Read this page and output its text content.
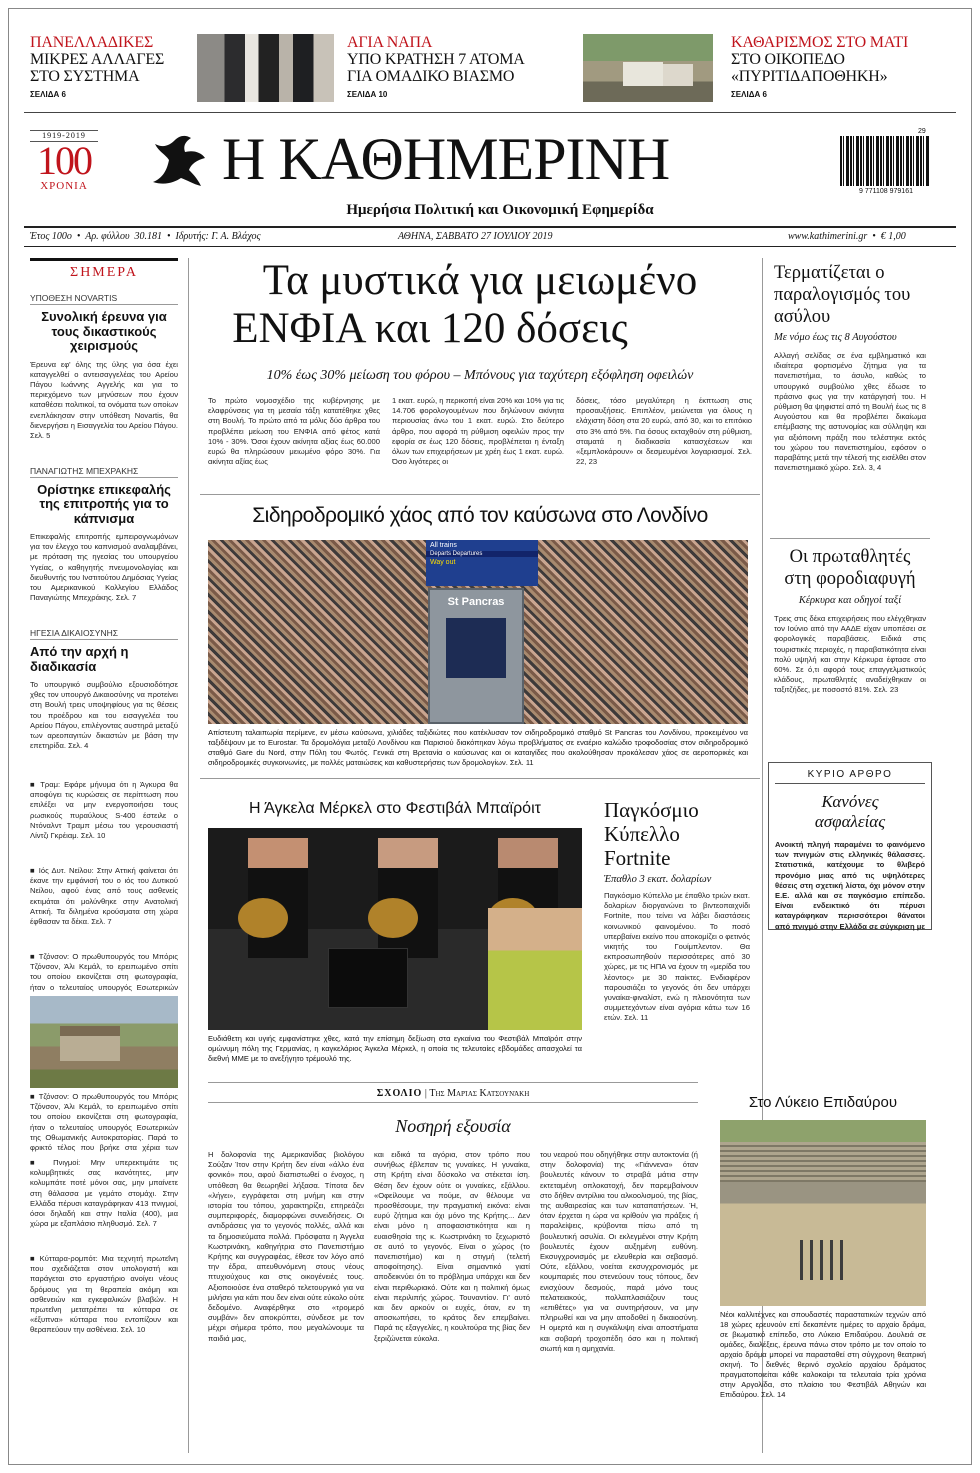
ΠΑΝΕΛΛΑΔΙΚΕΣ
ΜΙΚΡΕΣ ΑΛΛΑΓΕΣ
ΣΤΟ ΣΥΣΤΗΜΑ
ΣΕΛΙΔΑ 6
ΑΓΙΑ ΝΑΠΑ
ΥΠΟ ΚΡΑΤΗΣΗ 7 ΑΤΟΜΑ
ΓΙΑ ΟΜΑΔΙΚΟ ΒΙΑΣΜΟ
ΣΕΛΙΔΑ 10
ΚΑΘΑΡΙΣΜΟΣ ΣΤΟ ΜΑΤΙ
ΣΤΟ ΟΙΚΟΠΕΔΟ
«ΠΥΡΙΤΙΔΑΠΟΘΗΚΗ»
ΣΕΛΙΔΑ 6
1919-2019
100
ΧΡΟΝΙΑ Η ΚΑΘΗΜΕΡΙΝΗ
Ημερήσια Πολιτική και Οικονομική Εφημερίδα
9 771108 979161
29
Έτος 100ο  •  Αρ. φύλλου  30.181  •  Ιδρυτής: Γ. Α. Βλάχος	ΑΘΗΝΑ, ΣΑΒΒΑΤΟ 27 ΙΟΥΛΙΟΥ 2019	www.kathimerini.gr  •  € 1,00
ΣΗΜΕΡΑ
ΥΠΟΘΕΣΗ NOVARTIS
Συνολική έρευνα για τους δικαστικούς χειρισμούς
Έρευνα εφ' όλης της ύλης για όσα έχει καταγγελθεί ο αντεισαγγελέας του Αρείου Πάγου Ιωάννης Αγγελής και για το περιεχόμενο των μηνύσεων που έχουν καταθέσει πολιτικοί, τα ονόματα των οποίων ενεπλάκησαν στην υπόθεση Novartis, θα διενεργήσει η Εισαγγελία του Αρείου Πάγου. Σελ. 5
ΠΑΝΑΓΙΩΤΗΣ ΜΠΕΧΡΑΚΗΣ
Ορίστηκε επικεφαλής της επιτροπής για το κάπνισμα
Επικεφαλής επιτροπής εμπειρογνωμόνων για τον έλεγχο του καπνισμού αναλαμβάνει, με πρόταση της ηγεσίας του υπουργείου Υγείας, ο καθηγητής πνευμονολογίας και διευθυντής του Ινστιτούτου Δημόσιας Υγείας του Αμερικανικού Κολλεγίου Ελλάδος Παναγιώτης Μπεχράκης. Σελ. 7
ΗΓΕΣΙΑ ΔΙΚΑΙΟΣΥΝΗΣ
Από την αρχή η διαδικασία
Το υπουργικό συμβούλιο εξουσιοδότησε χθες τον υπουργό Δικαιοσύνης να προτείνει στη Βουλή τρεις υποψηφίους για τις θέσεις του προέδρου και του εισαγγελέα του Αρείου Πάγου, επιλέγοντας αυστηρά μεταξύ των αρεοπαγιτών δικαστών με βάση την επετηρίδα. Σελ. 4
■ Τραμ: Εφάρε μήνυμα ότι η Άγκυρα θα αποφύγει τις κυρώσεις σε περίπτωση που επιλέξει να μην ενεργοποιήσει τους ρωσικούς πυραύλους S-400 έστειλε ο Ντόναλντ Τραμπ μέσω του γερουσιαστή Λίντζι Γκρέιαμ. Σελ. 10
■ Ιός Δυτ. Νείλου: Στην Αττική φαίνεται ότι έκανε την εμφάνισή του ο ιός του Δυτικού Νείλου, αφού ένας από τους ασθενείς εκτιμάται ότι μολύνθηκε στην Ανατολική Αττική. Τα διλημένα κρούσματα στη χώρα έφθασαν τα δέκα. Σελ. 7
■ Τζόνσον: Ο πρωθυπουργός του Μπόρις Τζόνσον, Άλι Κεμάλ, το ερειπωμένο σπίτι του οποίου εικονίζεται στη φωτογραφία, ήταν ο τελευταίος υπουργός Εσωτερικών
■ Τζόνσον: Ο πρωθυπουργός του Μπόρις Τζόνσον, Άλι Κεμάλ, το ερειπωμένο σπίτι του οποίου εικονίζεται στη φωτογραφία, ήταν ο τελευταίος υπουργός Εσωτερικών της Οθωμανικής Αυτοκρατορίας. Παρά το φρικτό τέλος που βρήκε στα χέρια των
■ Πνιγμοί: Μην υπερεκτιμάτε τις κολυμβητικές σας ικανότητες, μην κολυμπάτε ποτέ μόνοι σας, μην μπαίνετε στη θάλασσα με γεμάτο στομάχι. Στην Ελλάδα πέρυσι καταγράφηκαν 413 πνιγμοί, όσοι δηλαδή και στην Ιταλία (400), μια χώρα με εξαπλάσιο πληθυσμό. Σελ. 7
■ Κύτταρα-ρομπότ: Μια τεχνητή πρωτεΐνη που σχεδιάζεται στον υπολογιστή και παράγεται στο εργαστήριο ανοίγει νέους δρόμους για τη θεραπεία ακόμη και ασθενειών και εγκεφαλικών βλαβών. Η πρωτεΐνη μετατρέπει τα κύτταρα σε «έξυπνα» κύτταρα που εντοπίζουν και θεραπεύουν την ασθένεια. Σελ. 10
Τα μυστικά για μειωμένο
ΕΝΦΙΑ και 120 δόσεις
10% έως 30% μείωση του φόρου – Μπόνους για ταχύτερη εξόφληση οφειλών
Το πρώτο νομοσχέδιο της κυβέρνησης με ελαφρύνσεις για τη μεσαία τάξη κατατέθηκε χθες στη Βουλή. Το πρώτο από τα μόλις δύο άρθρα του προβλέπει μείωση του ΕΝΦΙΑ από φέτος κατά 10% - 30%. Όσοι έχουν ακίνητα αξίας έως 60.000 ευρώ θα πληρώσουν μειωμένο φόρο 30%. Για ακίνητα αξίας έως
1 εκατ. ευρώ, η περικοπή είναι 20% και 10% για τις 14.706 φορολογουμένων που δηλώνουν ακίνητα περιουσίας άνω του 1 εκατ. ευρώ. Στο δεύτερο άρθρο, που αφορά τη ρύθμιση οφειλών προς την εφορία σε έως 120 δόσεις, προβλέπεται η ένταξη όλων των επιχειρήσεων με χρέη έως 1 εκατ. ευρώ. Όσο λιγότερες οι
δόσεις, τόσο μεγαλύτερη η έκπτωση στις προσαυξήσεις. Επιπλέον, μειώνεται για όλους η ελάχιστη δόση στα 20 ευρώ, από 30, και το επιτόκιο στο 3% από 5%. Για όσους εκταχθούν στη ρύθμιση, σταματά η διαδικασία κατασχέσεων και «ξεμπλοκάρουν» οι δεσμευμένοι λογαριασμοί. Σελ. 22, 23
Σιδηροδρομικό χάος από τον καύσωνα στο Λονδίνο
All trains
Departs Departures
Way out
St Pancras
EPA / ANDY RAIN
Απίστευτη ταλαιπωρία περίμενε, εν μέσω καύσωνα, χιλιάδες ταξιδιώτες που κατέκλυσαν τον σιδηροδρομικό σταθμό St Pancras του Λονδίνου, προκειμένου να ταξιδέψουν με το Eurostar. Τα δρομολόγια μεταξύ Λονδίνου και Παρισιού διακόπηκαν λόγω προβλήματος σε εναέριο καλώδιο τροφοδοσίας στον σιδηροδρομικό σταθμό Gare du Nord, στην Πόλη του Φωτός. Γενικά στη Βρετανία ο καύσωνας και οι καταιγίδες που ακολούθησαν προκάλεσαν χάος σε αεροπορικές και σιδηροδρομικές συγκοινωνίες, με πολλές ματαιώσεις και καθυστερήσεις των δρομολογίων. Σελ. 11
Η Άγκελα Μέρκελ στο Φεστιβάλ Μπαϊρόιτ
Ευδιάθετη και υγιής εμφανίστηκε χθες, κατά την επίσημη δεξίωση στα εγκαίνια του Φεστιβάλ Μπαϊρόιτ στην ομώνυμη πόλη της Γερμανίας, η καγκελάριος Άγκελα Μέρκελ, η οποία τις τελευταίες εβδομάδες απασχολεί τα διεθνή ΜΜΕ με το ανεξήγητο τρέμουλό της.
Παγκόσμιο
Κύπελλο
Fortnite
Έπαθλο 3 εκατ. δολαρίων
Παγκόσμιο Κύπελλο με έπαθλο τριών εκατ. δολαρίων διοργανώνει το βιντεοπαιχνίδι Fortnite, που τείνει να λάβει διαστάσεις κοινωνικού φαινομένου. Το ποσό υπερβαίνει εκείνο που αποκομίζει ο φετινός νικητής του Γουίμπλεντον. Θα εκπροσωπηθούν περισσότερες από 30 χώρες, με τις ΗΠΑ να έχουν τη «μερίδα του λέοντος» με 30 παίκτες. Ενδιαφέρον παρουσιάζει το γεγονός ότι δεν υπάρχει γυναίκα-φιναλίστ, ενώ η πλειονότητα των συμμετεχόντων είναι αγόρια κάτω των 16 ετών. Σελ. 11
ΣΧΟΛΙΟ | Της Μαρίας Κατσουνάκη
Νοσηρή εξουσία
Η δολοφονία της Αμερικανίδας βιολόγου Σούζαν Ίτον στην Κρήτη δεν είναι «άλλο ένα φονικό» που, αφού διαπιστωθεί ο ένοχος, η υπόθεση θα θεωρηθεί λήξασα. Τίποτα δεν «λήγει», εγγράφεται στη μνήμη και στην ιστορία του τόπου, χαρακτηρίζει, επηρεάζει συμπεριφορές, διαμορφώνει συνειδήσεις. Οι αντιδράσεις για το γεγονός πολλές, αλλά και τα δημοσιεύματα πολλά. Πρόσφατα η Άγγελα Κωστρινάκη, καθηγήτρια στο Πανεπιστήμιο Κρήτης και συγγραφέας, έθεσε τον λόγο από την έδρα, απευθυνόμενη στους νέους πτυχιούχους και στις οικογένειές τους. Αξιοποιούσε ένα σταθερό τελετουργικό για να μιλήσει για κάτι που δεν είναι ούτε εύκολο ούτε δεδομένο. Αναφέρθηκε στο «τρομερό συμβάν» δεν αποκρύπτει, σύνδεσε με τον μέχρι σήμερα τρόπο, που μεγαλώνουμε τα παιδιά μας,
και ειδικά τα αγόρια, στον τρόπο που συνήθως έβλεπαν τις γυναίκες. Η γυναίκα, στη Κρήτη είναι δύσκολο να στέκεται ίση. Θέση δεν έχουν ούτε οι γυναίκες, εξάλλου. «Οφείλουμε να πούμε, αν θέλουμε να προσθέσουμε, την πραγματική εικόνα: είναι ευρύ ζήτημα και όχι μόνο της Κρήτης... Δεν είναι μόνο η αποφασιστικότητα και η ευαισθησία της κ. Κωστρινάκη το ξεχωριστό σε αυτό το γεγονός. Είναι ο χώρος (το πανεπιστήμιο) και η στιγμή (τελετή αποφοίτησης). Είναι σημαντικό γιατί αποδεικνύει ότι το πρόβλημα υπάρχει και δεν είναι περιθωριακό. Ούτε και η πολιτική όμως είναι περιλιπής χώρος. Τουναντίον. Γι' αυτό και δεν αρκούν οι ευχές, όταν, εν τη αποσιωπήσει, το κράτος δεν επεμβαίνει. Παρά τις εξαγγελίες, η κουλτούρα της βίας δεν ξεριζώνεται εύκολα.
του νεαρού που οδηγήθηκε στην αυτοκτονία (ή στην δολοφονία) της «Γιάννενα» όταν βουλευτές κάνουν το στραβά μάτια στην εκτεταμένη οπλοκατοχή, δεν παρεμβαίνουν στο δήθεν αντρίλικι του αλκοολισμού, της βίας, της αυθαιρεσίας και των καταπατήσεων. Ή, όταν έρχεται η ώρα να κρίθούν για πράξεις ή παραλείψεις, κρύβονται πίσω από τη βουλευτική ασυλία. Οι εκλεγμένοι στην Κρήτη βουλευτές έχουν αυξημένη ευθύνη. Εκσυγχρονισμός με ελευθερία και σεβασμό. Ούτε, εξάλλου, νοείται εκσυγχρονισμός με κουμπαριές που στενεύουν τους τόπους, δεν ενισχύουν δεσμούς, παρά μόνο τους πελατειακούς, πολλαπλασιάζουν τους «επιθέτες» για να συντηρήσουν, να μην πληρωθεί και να μην αποδοθεί η δικαιοσύνη. Η ομερτά και η συγκάλυψη είναι αποστήματα και σοβαρή τροχοπέδη όσο και η πολιτική σιωπή και η αμηχανία.
Τερματίζεται ο παραλογισμός του ασύλου
Με νόμο έως τις 8 Αυγούστου
Αλλαγή σελίδας σε ένα εμβληματικό και ιδιαίτερα φορτισμένο ζήτημα για τα πανεπιστήμια, το άσυλο, καθώς το υπουργικό συμβούλιο χθες έδωσε το πράσινο φως για την κατάργησή του. Η ρύθμιση θα ψηφιστεί από τη Βουλή έως τις 8 Αυγούστου και θα προβλέπει δικαίωμα επέμβασης της αστυνομίας και σύλληψη και για αξιόποινη πράξη που τελέστηκε εκτός του χώρου του πανεπιστημίου, εφόσον ο παραβάτης μετά την τέλεσή της εισέλθει στον πανεπιστημιακό χώρο. Σελ. 3, 4
Οι πρωταθλητές στη φοροδιαφυγή
Κέρκυρα και οδηγοί ταξί
Τρεις στις δέκα επιχειρήσεις που ελέγχθηκαν τον Ιούνιο από την ΑΑΔΕ είχαν υποπέσει σε φορολογικές παραβάσεις. Ειδικά στις τουριστικές περιοχές, η παραβατικότητα είναι πολύ υψηλή και στην Κέρκυρα έφτασε στο 60%. Σε ό,τι αφορά τους επαγγελματικούς κλάδους, πρωταθλητές αναδείχθηκαν οι ταξιτζήδες, με ποσοστό 81%. Σελ. 23
ΚΥΡΙΟ ΑΡΘΡΟ
Κανόνες ασφαλείας
Ανοικτή πληγή παραμένει το φαινόμενο των πνιγμών στις ελληνικές θάλασσες. Στατιστικά, κατέχουμε το θλιβερό προνόμιο μιας από τις υψηλότερες θέσεις στη σχετική λίστα, όχι μόνον στην Ε.Ε. αλλά και σε παγκόσμιο επίπεδο. Είναι ενδεικτικό ότι πέρυσι καταγράφηκαν περισσότεροι θάνατοι από πνιγμό στην Ελλάδα σε σύγκριση με
Στο Λύκειο Επιδαύρου
Νέοι καλλιτέχνες και σπουδαστές παραστατικών τεχνών από 18 χώρες ερευνούν επί δεκαπέντε ημέρες το αρχαίο δράμα, σε βιωματικό επίπεδο, στο Λύκειο Επιδαύρου. Δουλειά σε ομάδες, διαλέξεις, έρευνα πάνω στον τρόπο με τον οποίο το αρχαίο δράμα μπορεί να παρασταθεί στη σύγχρονη θεατρική σκηνή. Το διεθνές θερινό σχολείο αρχαίου δράματος πραγματοποιείται κάθε καλοκαίρι τα τελευταία τρία χρόνια στην Αργολίδα, στο πλαίσιο του Φεστιβάλ Αθηνών και Επιδαύρου. Σελ. 14
